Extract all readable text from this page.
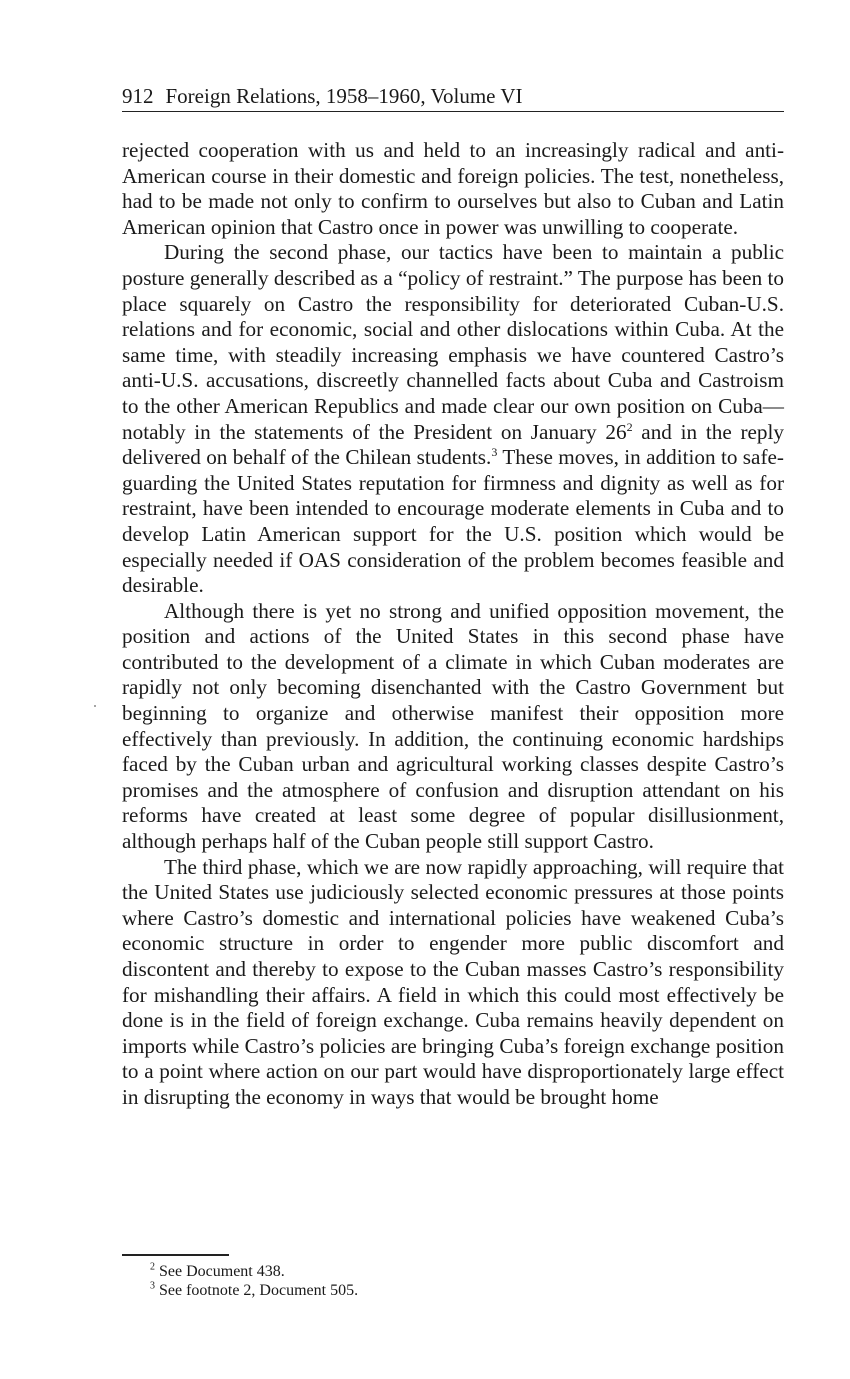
912 Foreign Relations, 1958–1960, Volume VI

rejected cooperation with us and held to an increasingly radical and anti-American course in their domestic and foreign policies. The test, nonetheless, had to be made not only to confirm to ourselves but also to Cuban and Latin American opinion that Castro once in power was unwilling to cooperate.

During the second phase, our tactics have been to maintain a public posture generally described as a “policy of restraint.” The purpose has been to place squarely on Castro the responsibility for deteriorated Cuban-U.S. relations and for economic, social and other dislocations within Cuba. At the same time, with steadily increasing emphasis we have countered Castro’s anti-U.S. accusations, discreetly channelled facts about Cuba and Castroism to the other American Republics and made clear our own position on Cuba—notably in the statements of the President on January $26^2$ and in the reply delivered on behalf of the Chilean students.$^3$ These moves, in addition to safeguarding the United States reputation for firmness and dignity as well as for restraint, have been intended to encourage moderate elements in Cuba and to develop Latin American support for the U.S. position which would be especially needed if OAS consideration of the problem becomes feasible and desirable.

Although there is yet no strong and unified opposition movement, the position and actions of the United States in this second phase have contributed to the development of a climate in which Cuban moderates are rapidly not only becoming disenchanted with the Castro Government but beginning to organize and otherwise manifest their opposition more effectively than previously. In addition, the continuing economic hardships faced by the Cuban urban and agricultural working classes despite Castro’s promises and the atmosphere of confusion and disruption attendant on his reforms have created at least some degree of popular disillusionment, although perhaps half of the Cuban people still support Castro.

The third phase, which we are now rapidly approaching, will require that the United States use judiciously selected economic pressures at those points where Castro’s domestic and international policies have weakened Cuba’s economic structure in order to engender more public discomfort and discontent and thereby to expose to the Cuban masses Castro’s responsibility for mishandling their affairs. A field in which this could most effectively be done is in the field of foreign exchange. Cuba remains heavily dependent on imports while Castro’s policies are bringing Cuba’s foreign exchange position to a point where action on our part would have disproportionately large effect in disrupting the economy in ways that would be brought home

$^2$ See Document 438.
$^3$ See footnote 2, Document 505.
